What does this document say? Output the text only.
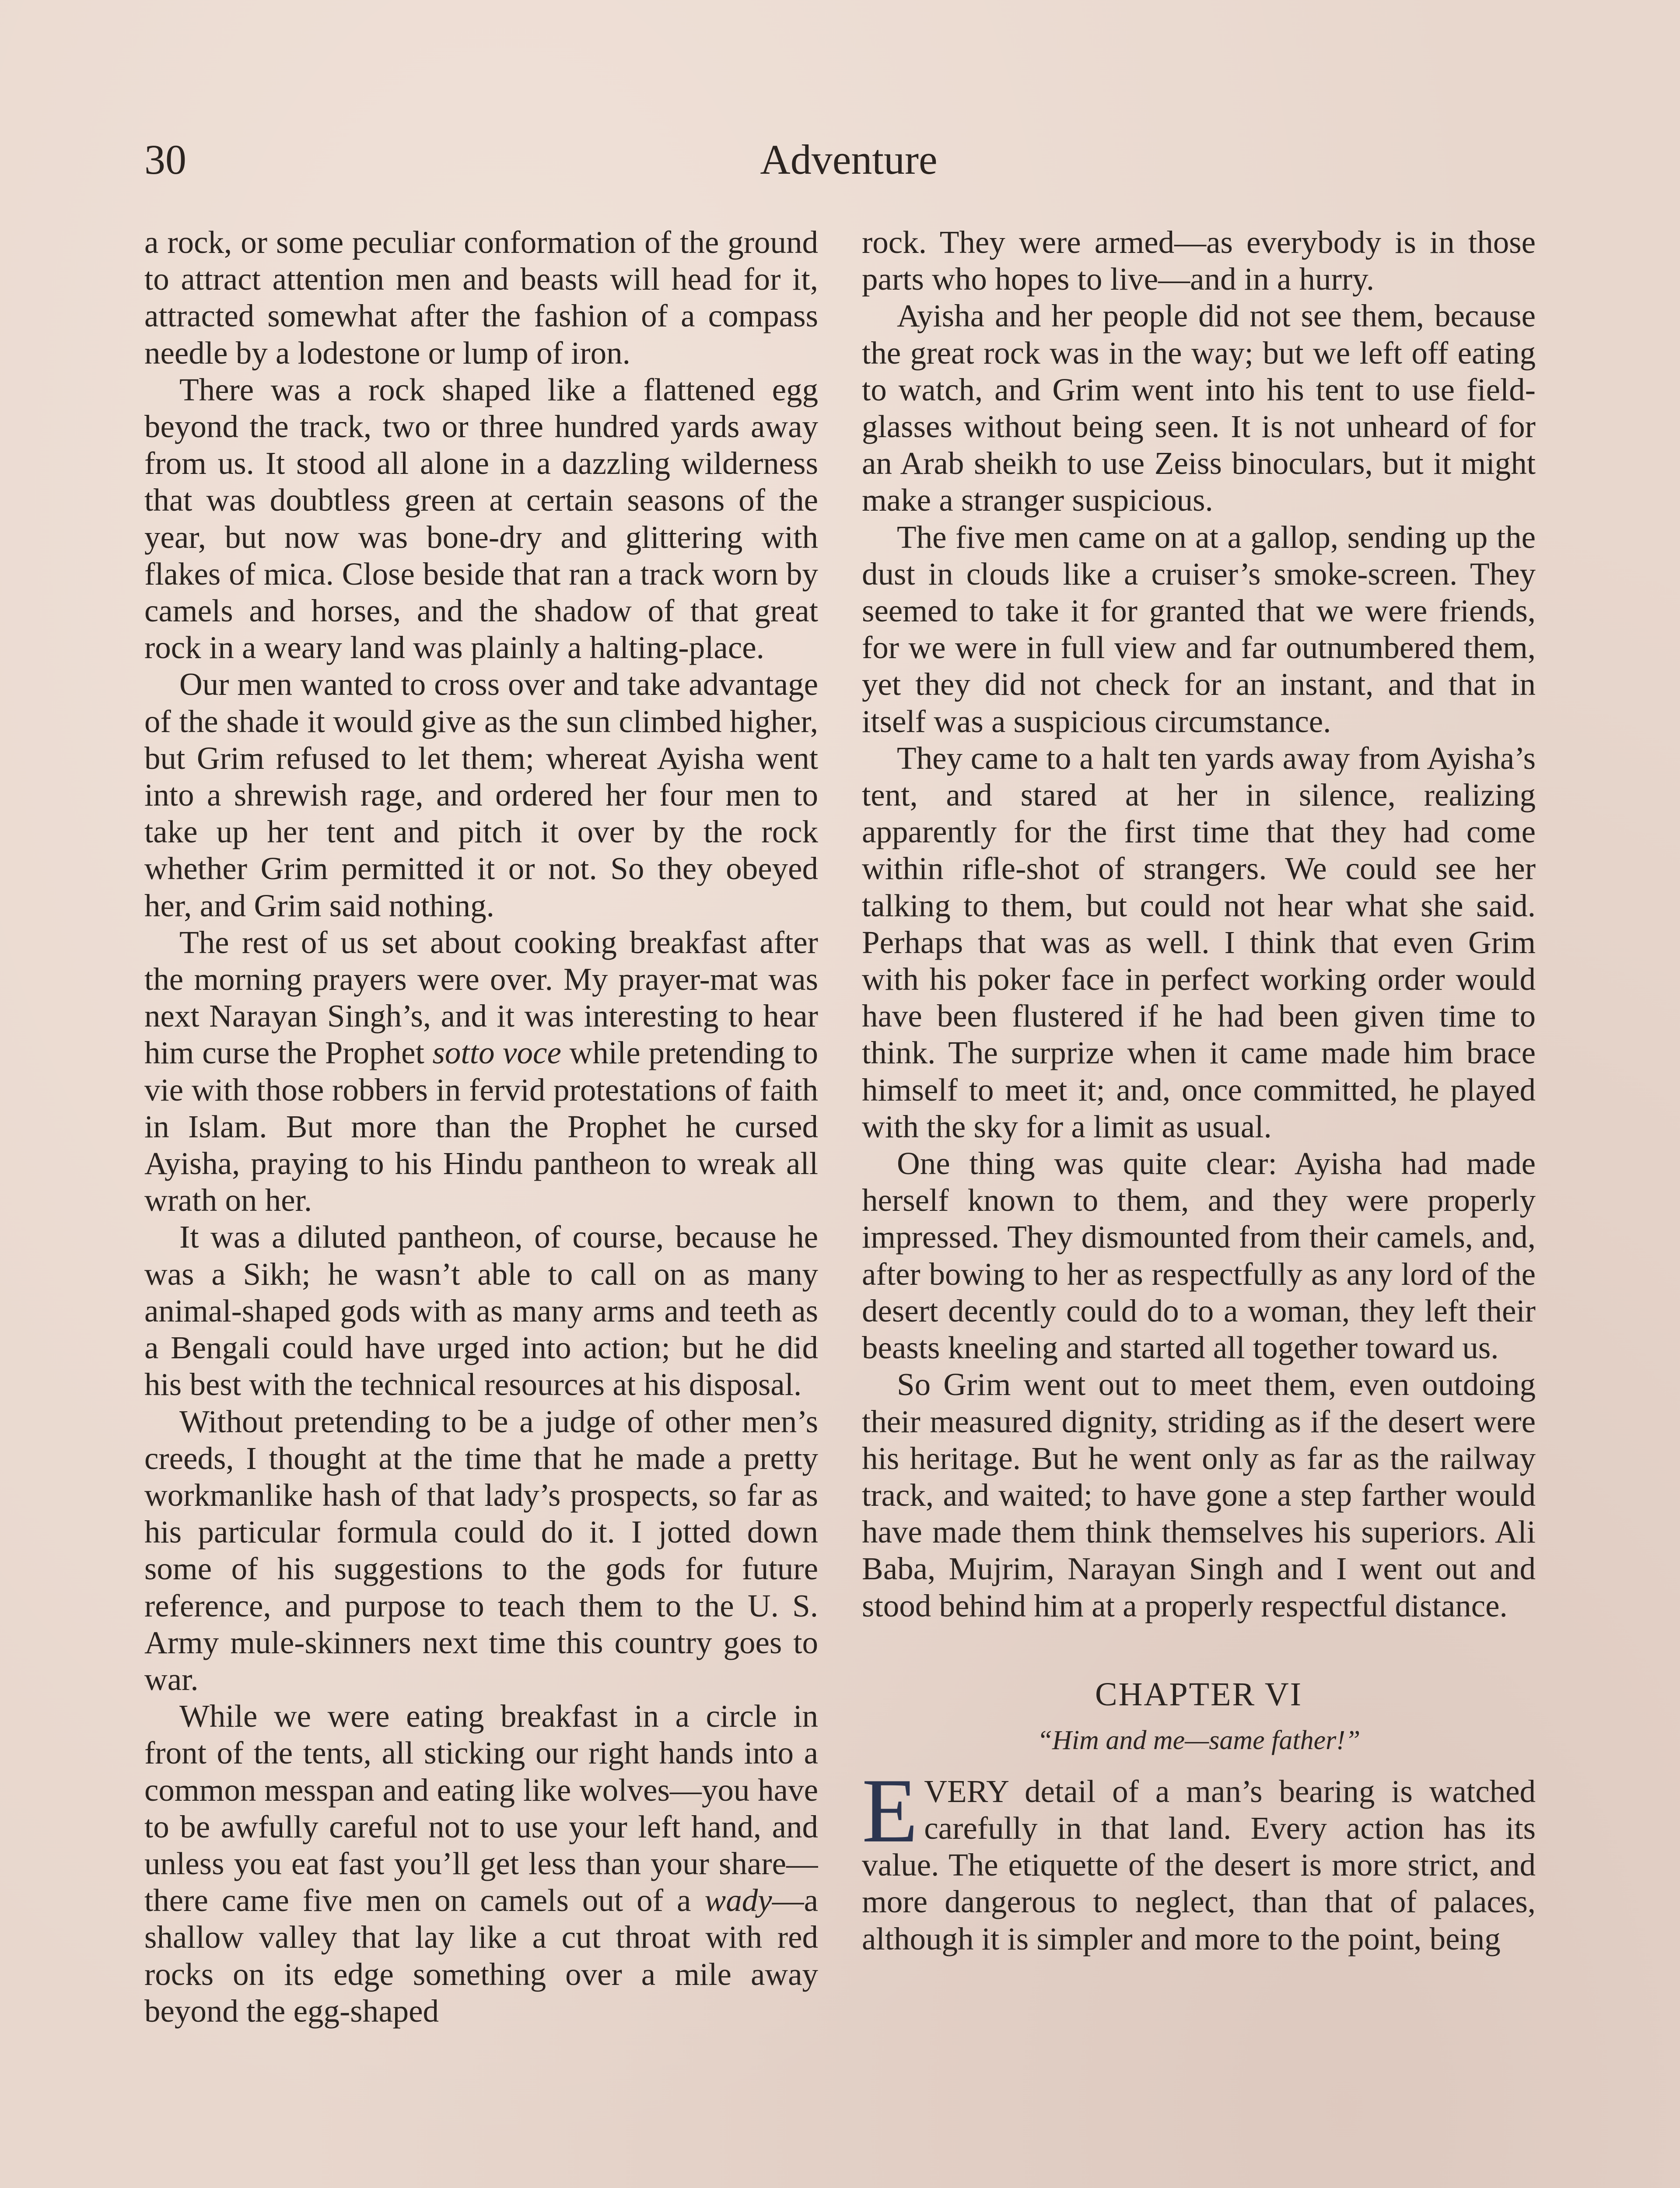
30	Adventure

a rock, or some peculiar conformation of the ground to attract attention men and beasts will head for it, attracted somewhat after the fashion of a compass needle by a lodestone or lump of iron.

There was a rock shaped like a flattened egg beyond the track, two or three hundred yards away from us. It stood all alone in a dazzling wilderness that was doubtless green at certain seasons of the year, but now was bone-dry and glittering with flakes of mica. Close beside that ran a track worn by camels and horses, and the shadow of that great rock in a weary land was plainly a halting-place.

Our men wanted to cross over and take advantage of the shade it would give as the sun climbed higher, but Grim refused to let them; whereat Ayisha went into a shrewish rage, and ordered her four men to take up her tent and pitch it over by the rock whether Grim permitted it or not. So they obeyed her, and Grim said nothing.

The rest of us set about cooking breakfast after the morning prayers were over. My prayer-mat was next Narayan Singh’s, and it was interesting to hear him curse the Prophet sotto voce while pretending to vie with those robbers in fervid protestations of faith in Islam. But more than the Prophet he cursed Ayisha, praying to his Hindu pantheon to wreak all wrath on her.

It was a diluted pantheon, of course, because he was a Sikh; he wasn’t able to call on as many animal-shaped gods with as many arms and teeth as a Bengali could have urged into action; but he did his best with the technical resources at his disposal.

Without pretending to be a judge of other men’s creeds, I thought at the time that he made a pretty workmanlike hash of that lady’s prospects, so far as his particular formula could do it. I jotted down some of his suggestions to the gods for future reference, and purpose to teach them to the U. S. Army mule-skinners next time this country goes to war.

While we were eating breakfast in a circle in front of the tents, all sticking our right hands into a common messpan and eating like wolves—you have to be awfully careful not to use your left hand, and unless you eat fast you’ll get less than your share—there came five men on camels out of a wady—a shallow valley that lay like a cut throat with red rocks on its edge something over a mile away beyond the egg-shaped

rock. They were armed—as everybody is in those parts who hopes to live—and in a hurry.

Ayisha and her people did not see them, because the great rock was in the way; but we left off eating to watch, and Grim went into his tent to use field-glasses without being seen. It is not unheard of for an Arab sheikh to use Zeiss binoculars, but it might make a stranger suspicious.

The five men came on at a gallop, sending up the dust in clouds like a cruiser’s smoke-screen. They seemed to take it for granted that we were friends, for we were in full view and far outnumbered them, yet they did not check for an instant, and that in itself was a suspicious circumstance.

They came to a halt ten yards away from Ayisha’s tent, and stared at her in silence, realizing apparently for the first time that they had come within rifle-shot of strangers. We could see her talking to them, but could not hear what she said. Perhaps that was as well. I think that even Grim with his poker face in perfect working order would have been flustered if he had been given time to think. The surprize when it came made him brace himself to meet it; and, once committed, he played with the sky for a limit as usual.

One thing was quite clear: Ayisha had made herself known to them, and they were properly impressed. They dismounted from their camels, and, after bowing to her as respectfully as any lord of the desert decently could do to a woman, they left their beasts kneeling and started all together toward us.

So Grim went out to meet them, even outdoing their measured dignity, striding as if the desert were his heritage. But he went only as far as the railway track, and waited; to have gone a step farther would have made them think themselves his superiors. Ali Baba, Mujrim, Narayan Singh and I went out and stood behind him at a properly respectful distance.

CHAPTER VI
“Him and me—same father!”

EVERY detail of a man’s bearing is watched carefully in that land. Every action has its value. The etiquette of the desert is more strict, and more dangerous to neglect, than that of palaces, although it is simpler and more to the point, being
